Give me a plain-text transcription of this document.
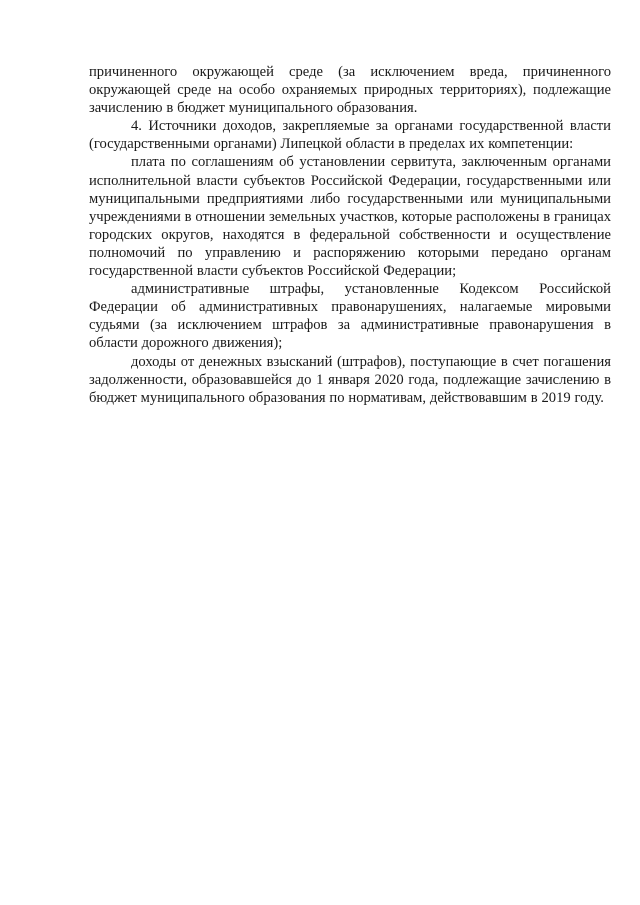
причиненного окружающей среде (за исключением вреда, причиненного окружающей среде на особо охраняемых природных территориях), подлежащие зачислению в бюджет муниципального образования.

4. Источники доходов, закрепляемые за органами государственной власти (государственными органами) Липецкой области в пределах их компетенции:

плата по соглашениям об установлении сервитута, заключенным органами исполнительной власти субъектов Российской Федерации, государственными или муниципальными предприятиями либо государственными или муниципальными учреждениями в отношении земельных участков, которые расположены в границах городских округов, находятся в федеральной собственности и осуществление полномочий по управлению и распоряжению которыми передано органам государственной власти субъектов Российской Федерации;

административные штрафы, установленные Кодексом Российской Федерации об административных правонарушениях, налагаемые мировыми судьями (за исключением штрафов за административные правонарушения в области дорожного движения);

доходы от денежных взысканий (штрафов), поступающие в счет погашения задолженности, образовавшейся до 1 января 2020 года, подлежащие зачислению в бюджет муниципального образования по нормативам, действовавшим в 2019 году.
